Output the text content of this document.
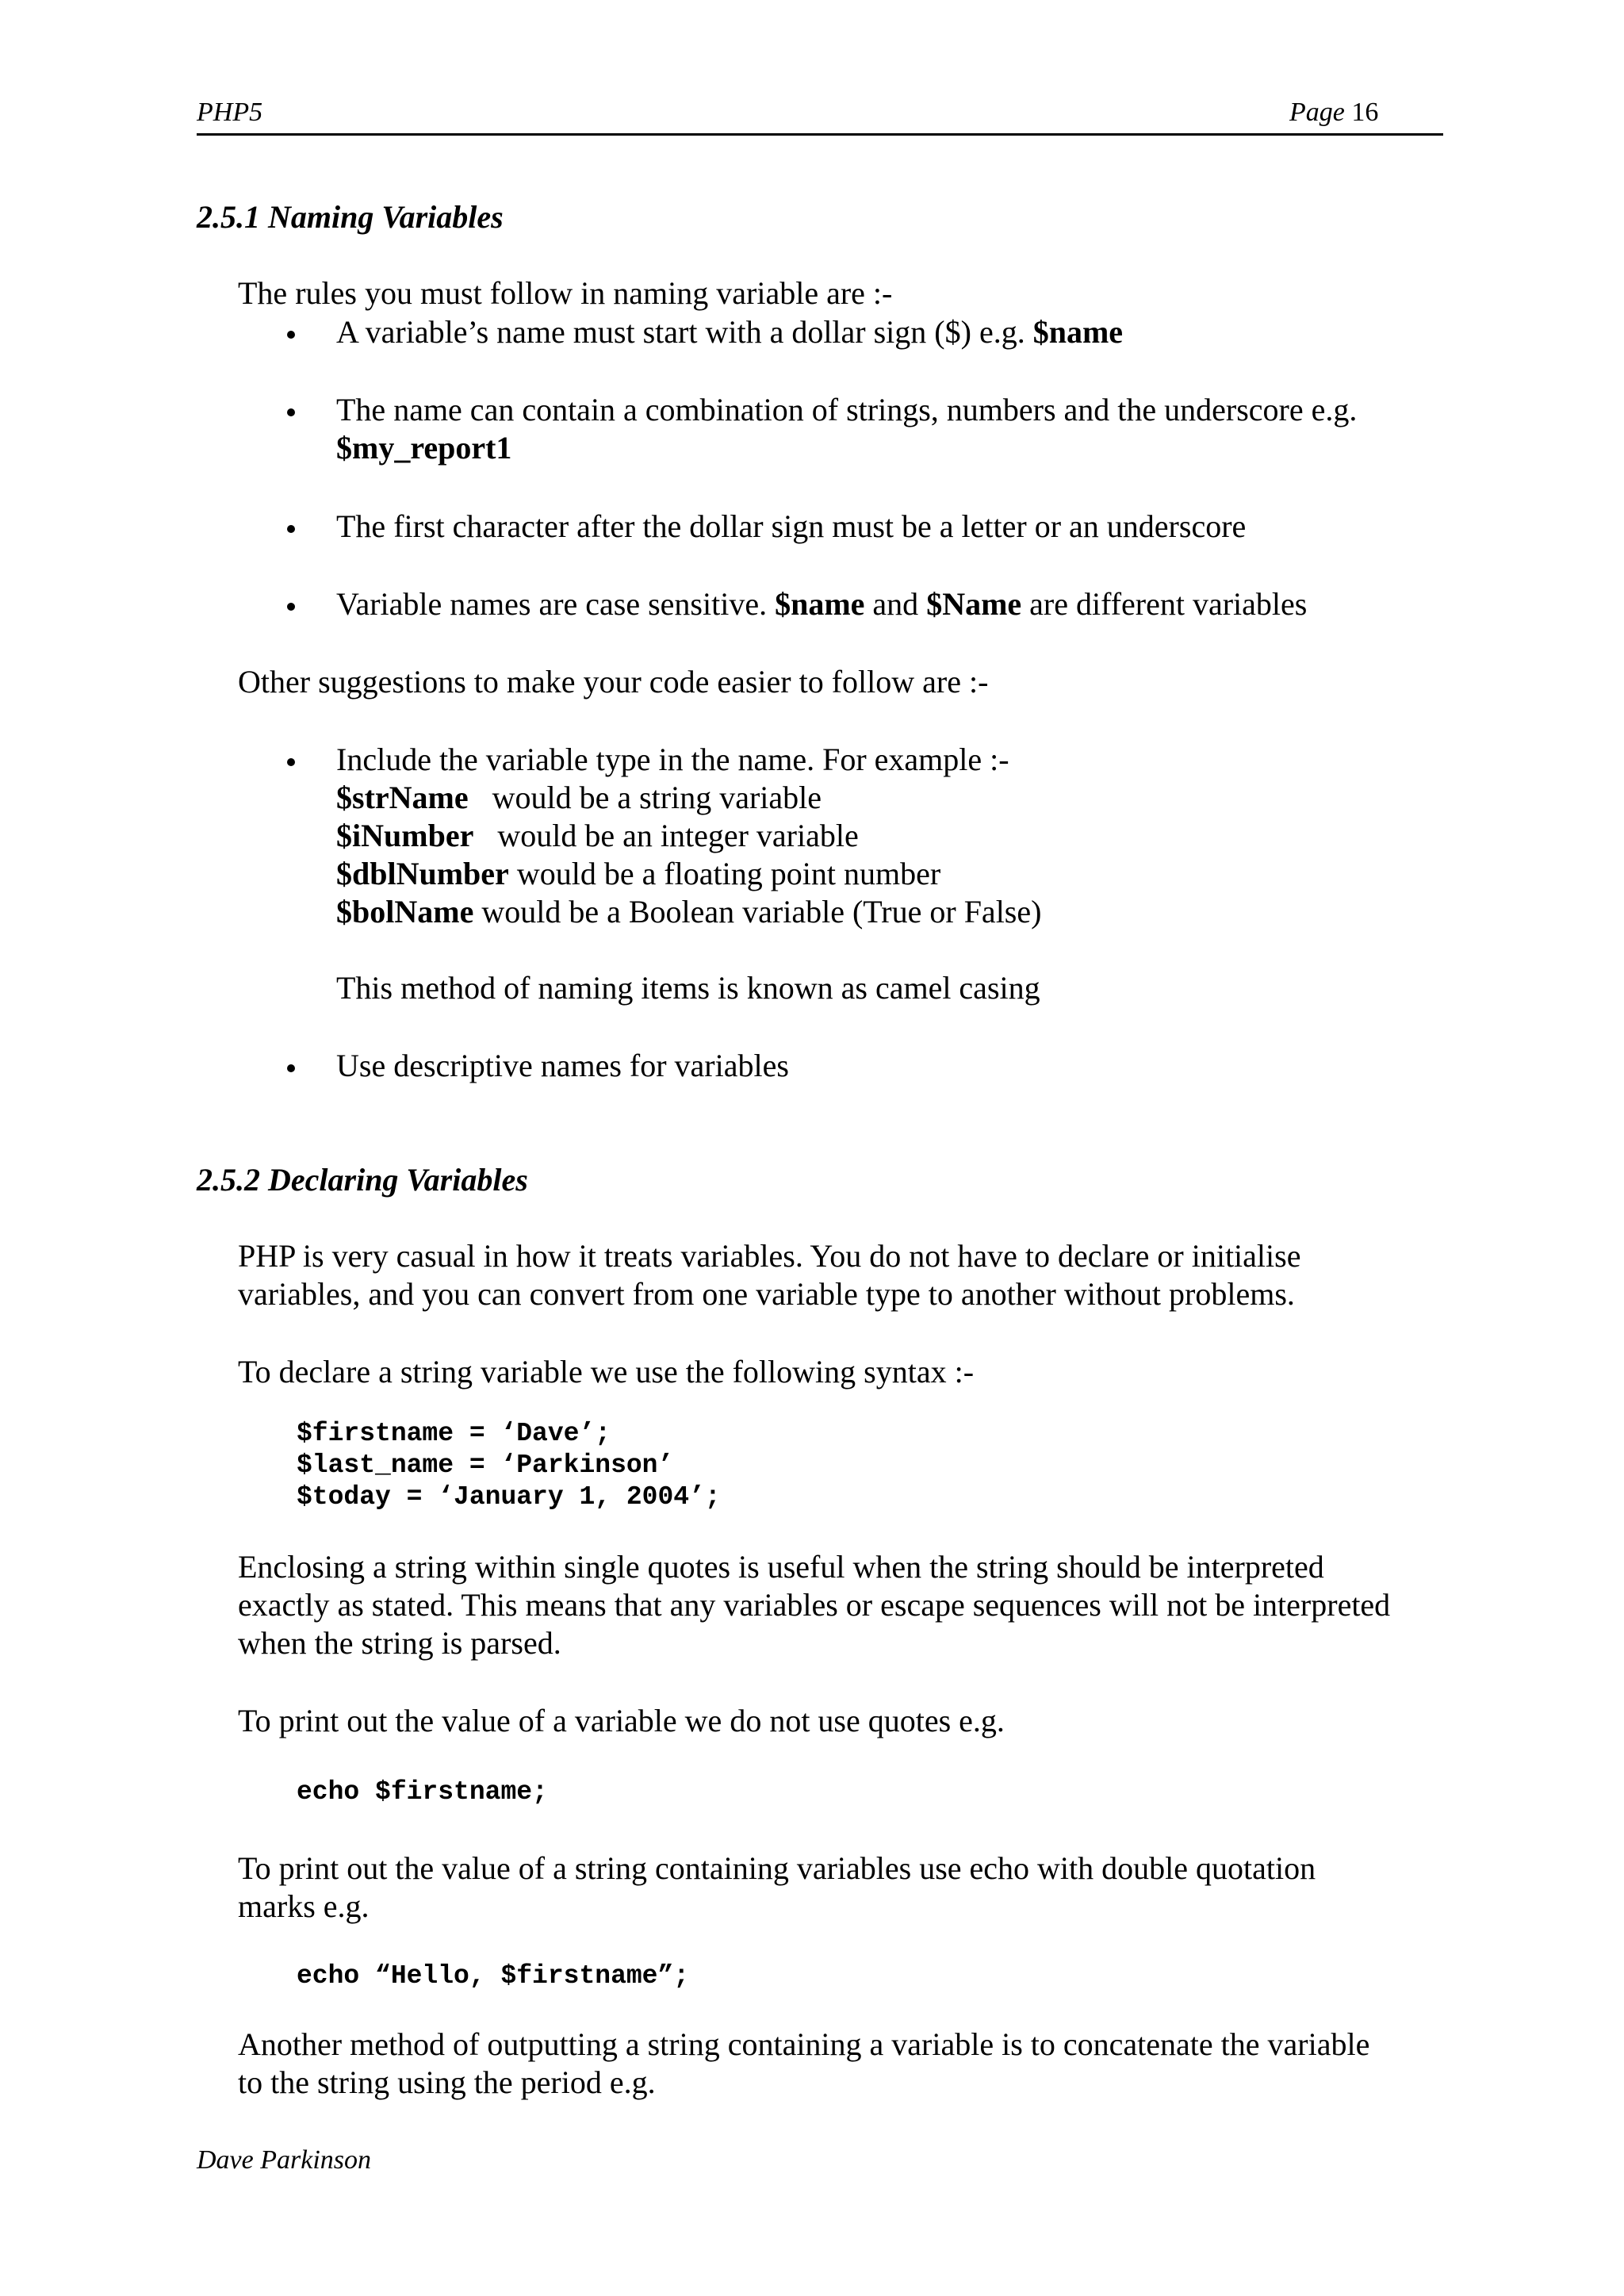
PHP5	Page 16
2.5.1 Naming Variables
The rules you must follow in naming variable are :-
A variable’s name must start with a dollar sign ($) e.g. $name
The name can contain a combination of strings, numbers and the underscore e.g.
$my_report1
The first character after the dollar sign must be a letter or an underscore
Variable names are case sensitive. $name and $Name are different variables
Other suggestions to make your code easier to follow are :-
Include the variable type in the name. For example :-
$strName   would be a string variable
$iNumber   would be an integer variable
$dblNumber would be a floating point number
$bolName would be a Boolean variable (True or False)
This method of naming items is known as camel casing
Use descriptive names for variables
2.5.2 Declaring Variables
PHP is very casual in how it treats variables. You do not have to declare or initialise
variables, and you can convert from one variable type to another without problems.
To declare a string variable we use the following syntax :-
$firstname = ‘Dave’;
$last_name = ‘Parkinson’
$today = ‘January 1, 2004’;
Enclosing a string within single quotes is useful when the string should be interpreted
exactly as stated. This means that any variables or escape sequences will not be interpreted
when the string is parsed.
To print out the value of a variable we do not use quotes e.g.
echo $firstname;
To print out the value of a string containing variables use echo with double quotation
marks e.g.
echo “Hello, $firstname”;
Another method of outputting a string containing a variable is to concatenate the variable
to the string using the period e.g.
Dave Parkinson
